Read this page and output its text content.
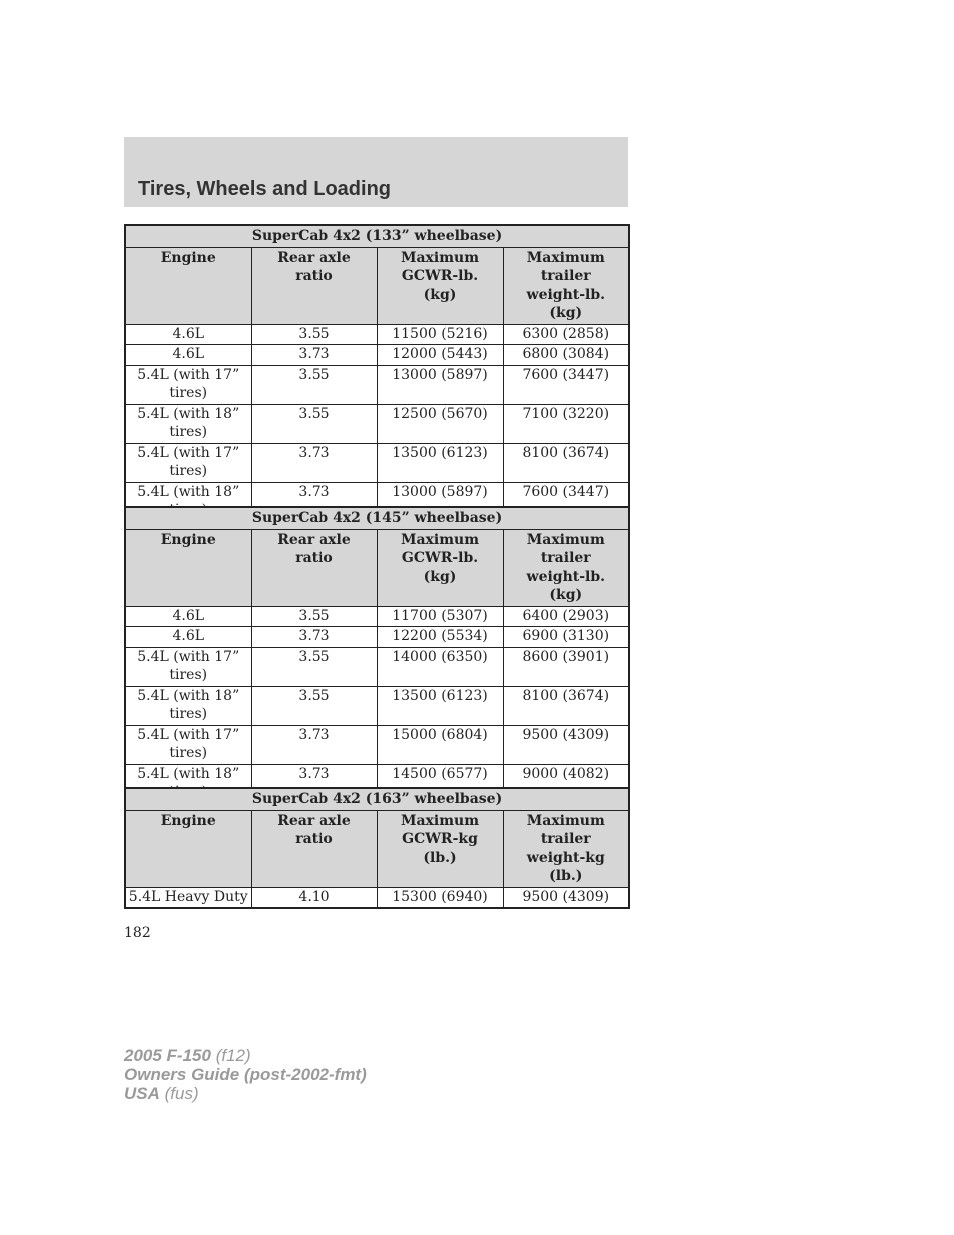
Tires, Wheels and Loading
SuperCab 4x2 (133” wheelbase)			
Engine	Rear axle ratio	Maximum GCWR-lb. (kg)	Maximum trailer weight-lb. (kg)
4.6L	3.55	11500 (5216)	6300 (2858)
4.6L	3.73	12000 (5443)	6800 (3084)
5.4L (with 17” tires)	3.55	13000 (5897)	7600 (3447)
5.4L (with 18” tires)	3.55	12500 (5670)	7100 (3220)
5.4L (with 17” tires)	3.73	13500 (6123)	8100 (3674)
5.4L (with 18”	3.73	13000 (5897)	7600 (3447)
SuperCab 4x2 (145” wheelbase)			
Engine	Rear axle ratio	Maximum GCWR-lb. (kg)	Maximum trailer weight-lb. (kg)
4.6L	3.55	11700 (5307)	6400 (2903)
4.6L	3.73	12200 (5534)	6900 (3130)
5.4L (with 17” tires)	3.55	14000 (6350)	8600 (3901)
5.4L (with 18” tires)	3.55	13500 (6123)	8100 (3674)
5.4L (with 17” tires)	3.73	15000 (6804)	9500 (4309)
5.4L (with 18”	3.73	14500 (6577)	9000 (4082)
SuperCab 4x2 (163” wheelbase)			
Engine	Rear axle ratio	Maximum GCWR-kg (lb.)	Maximum trailer weight-kg (lb.)
5.4L Heavy Duty	4.10	15300 (6940)	9500 (4309)
182
2005 F-150 (f12)
Owners Guide (post-2002-fmt)
USA (fus)
